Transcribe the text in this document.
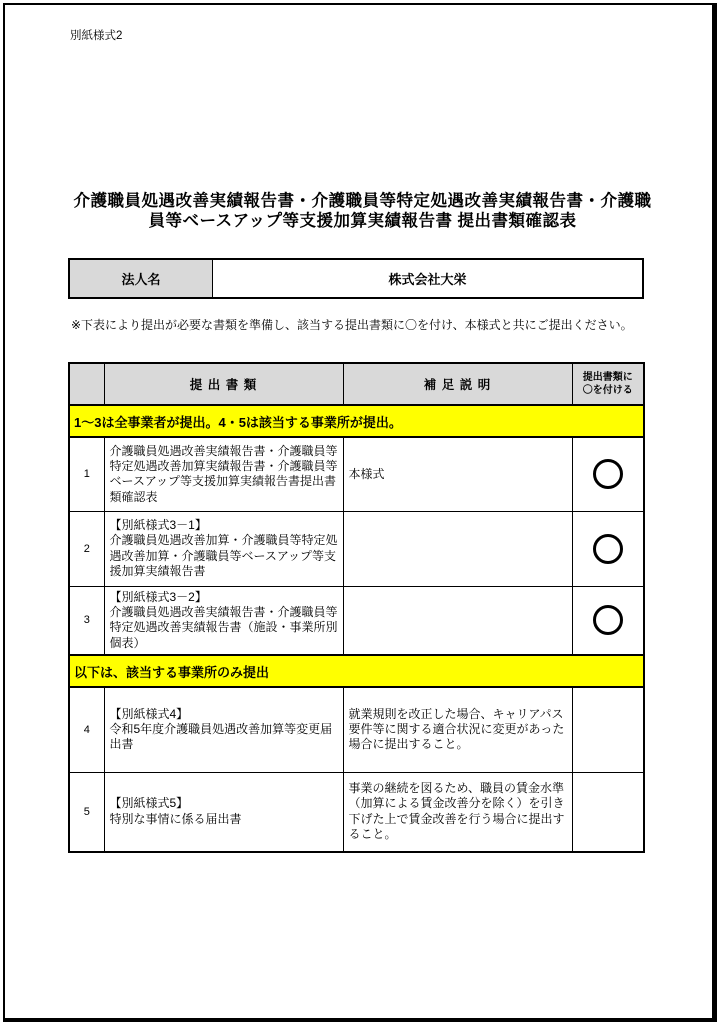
別紙様式2
介護職員処遇改善実績報告書・介護職員等特定処遇改善実績報告書・介護職
員等ベースアップ等支援加算実績報告書 提出書類確認表
法人名	株式会社大栄
※下表により提出が必要な書類を準備し、該当する提出書類に〇を付け、本様式と共にご提出ください。
	提 出 書 類	補 足 説 明	提出書類に
〇を付ける
1～3は全事業者が提出。4・5は該当する事業所が提出。			
1	介護職員処遇改善実績報告書・介護職員等特定処遇改善加算実績報告書・介護職員等ベースアップ等支援加算実績報告書提出書類確認表	本様式	

2	【別紙様式3－1】
介護職員処遇改善加算・介護職員等特定処遇改善加算・介護職員等ベースアップ等支援加算実績報告書		

3	【別紙様式3－2】
介護職員処遇改善実績報告書・介護職員等特定処遇改善実績報告書（施設・事業所別個表）		

以下は、該当する事業所のみ提出			
4	【別紙様式4】
令和5年度介護職員処遇改善加算等変更届出書	就業規則を改正した場合、キャリアパス要件等に関する適合状況に変更があった場合に提出すること。	
5	【別紙様式5】
特別な事情に係る届出書	事業の継続を図るため、職員の賃金水準（加算による賃金改善分を除く）を引き下げた上で賃金改善を行う場合に提出すること。	
